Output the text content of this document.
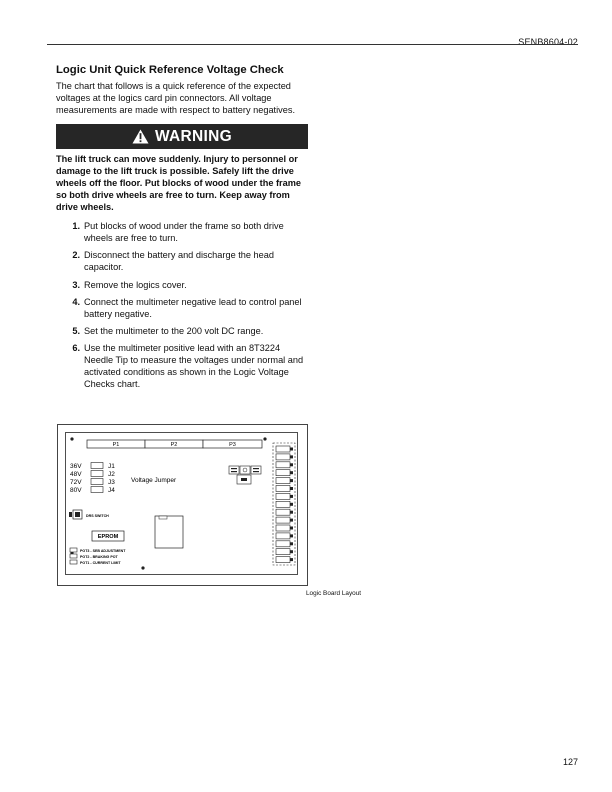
SENB8604-02
Logic Unit Quick Reference Voltage Check

The chart that follows is a quick reference of the expected voltages at the logics card pin connectors. All voltage measurements are made with respect to battery negatives.

WARNING

The lift truck can move suddenly. Injury to personnel or damage to the lift truck is possible. Safely lift the drive wheels off the floor. Put blocks of wood under the frame so both drive wheels are free to turn. Keep away from drive wheels.

1. Put blocks of wood under the frame so both drive wheels are free to turn.
2. Disconnect the battery and discharge the head capacitor.
3. Remove the logics cover.
4. Connect the multimeter negative lead to control panel battery negative.
5. Set the multimeter to the 200 volt DC range.
6. Use the multimeter positive lead with an 8T3224 Needle Tip to measure the voltages under normal and activated conditions as shown in the Logic Voltage Checks chart.
P1	P2	P3
36V
48V
72V
80V
J1
J2
J3
J4
Voltage Jumper
DRS SWITCH
EPROM
POT3 - SEB ADJUSTMENT
POT2 - BRAKING POT
POT1 - CURRENT LIMIT
Logic Board Layout
127
